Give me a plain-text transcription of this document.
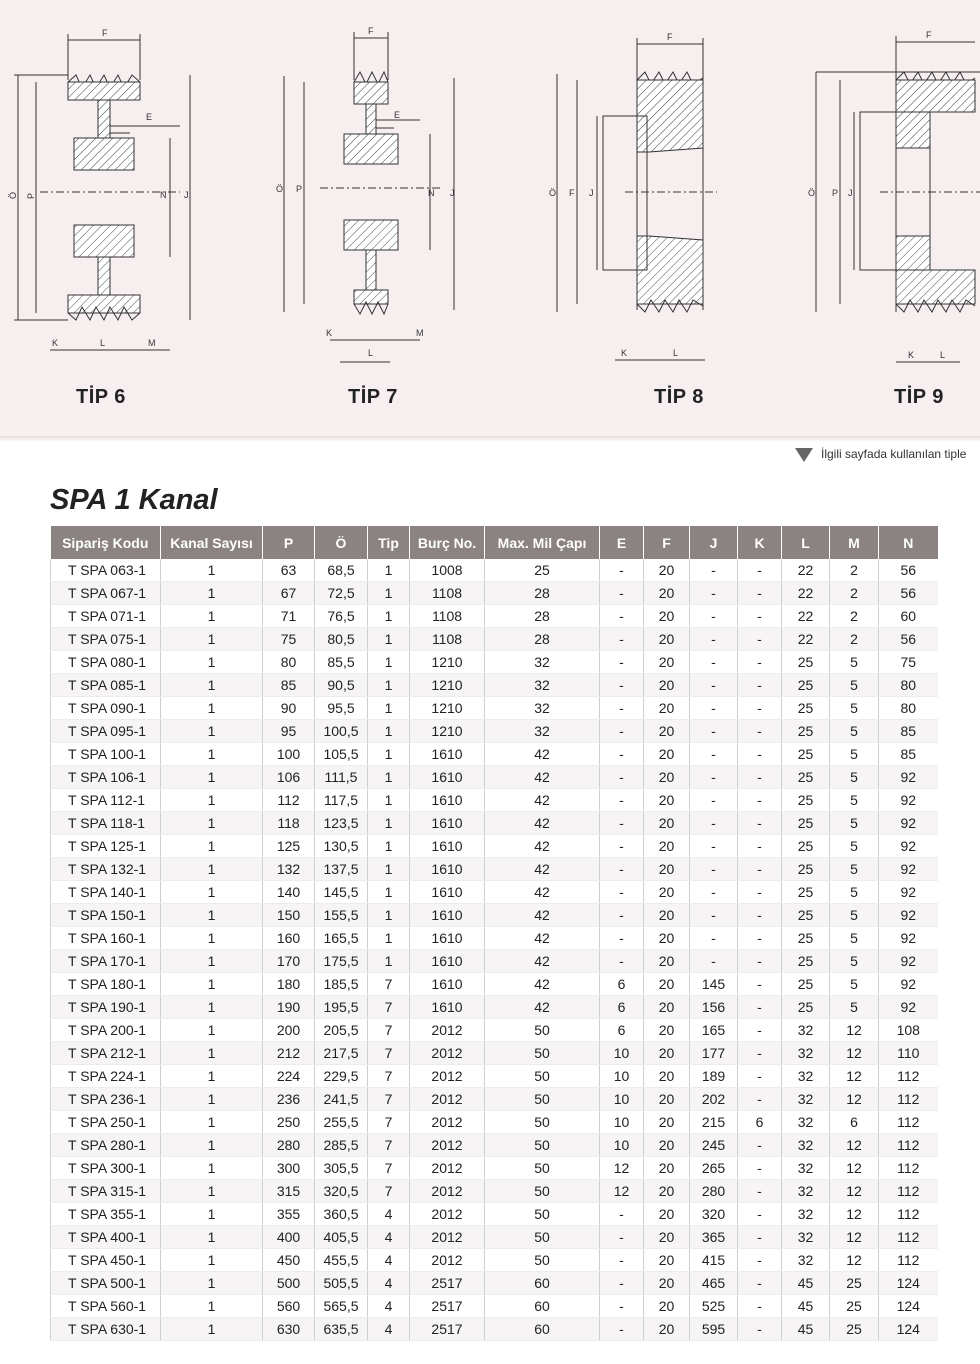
F
E
Ö P	N J
K	L	M
TİP 6
F
E
Ö P	N J
K
L
M
TİP 7
F
Ö F J
K	L
TİP 8
F
Ö P J
K	L
TİP 9
İlgili sayfada kullanılan tiple
SPA 1 Kanal
Sipariş Kodu	Kanal Sayısı	P	Ö	Tip	Burç No.	Max. Mil Çapı	E	F	J	K	L	M	N
T SPA 063-1	1	63	68,5	1	1008	25	-	20	-	-	22	2	56
T SPA 067-1	1	67	72,5	1	1108	28	-	20	-	-	22	2	56
T SPA 071-1	1	71	76,5	1	1108	28	-	20	-	-	22	2	60
T SPA 075-1	1	75	80,5	1	1108	28	-	20	-	-	22	2	56
T SPA 080-1	1	80	85,5	1	1210	32	-	20	-	-	25	5	75
T SPA 085-1	1	85	90,5	1	1210	32	-	20	-	-	25	5	80
T SPA 090-1	1	90	95,5	1	1210	32	-	20	-	-	25	5	80
T SPA 095-1	1	95	100,5	1	1210	32	-	20	-	-	25	5	85
T SPA 100-1	1	100	105,5	1	1610	42	-	20	-	-	25	5	85
T SPA 106-1	1	106	111,5	1	1610	42	-	20	-	-	25	5	92
T SPA 112-1	1	112	117,5	1	1610	42	-	20	-	-	25	5	92
T SPA 118-1	1	118	123,5	1	1610	42	-	20	-	-	25	5	92
T SPA 125-1	1	125	130,5	1	1610	42	-	20	-	-	25	5	92
T SPA 132-1	1	132	137,5	1	1610	42	-	20	-	-	25	5	92
T SPA 140-1	1	140	145,5	1	1610	42	-	20	-	-	25	5	92
T SPA 150-1	1	150	155,5	1	1610	42	-	20	-	-	25	5	92
T SPA 160-1	1	160	165,5	1	1610	42	-	20	-	-	25	5	92
T SPA 170-1	1	170	175,5	1	1610	42	-	20	-	-	25	5	92
T SPA 180-1	1	180	185,5	7	1610	42	6	20	145	-	25	5	92
T SPA 190-1	1	190	195,5	7	1610	42	6	20	156	-	25	5	92
T SPA 200-1	1	200	205,5	7	2012	50	6	20	165	-	32	12	108
T SPA 212-1	1	212	217,5	7	2012	50	10	20	177	-	32	12	110
T SPA 224-1	1	224	229,5	7	2012	50	10	20	189	-	32	12	112
T SPA 236-1	1	236	241,5	7	2012	50	10	20	202	-	32	12	112
T SPA 250-1	1	250	255,5	7	2012	50	10	20	215	6	32	6	112
T SPA 280-1	1	280	285,5	7	2012	50	10	20	245	-	32	12	112
T SPA 300-1	1	300	305,5	7	2012	50	12	20	265	-	32	12	112
T SPA 315-1	1	315	320,5	7	2012	50	12	20	280	-	32	12	112
T SPA 355-1	1	355	360,5	4	2012	50	-	20	320	-	32	12	112
T SPA 400-1	1	400	405,5	4	2012	50	-	20	365	-	32	12	112
T SPA 450-1	1	450	455,5	4	2012	50	-	20	415	-	32	12	112
T SPA 500-1	1	500	505,5	4	2517	60	-	20	465	-	45	25	124
T SPA 560-1	1	560	565,5	4	2517	60	-	20	525	-	45	25	124
T SPA 630-1	1	630	635,5	4	2517	60	-	20	595	-	45	25	124
